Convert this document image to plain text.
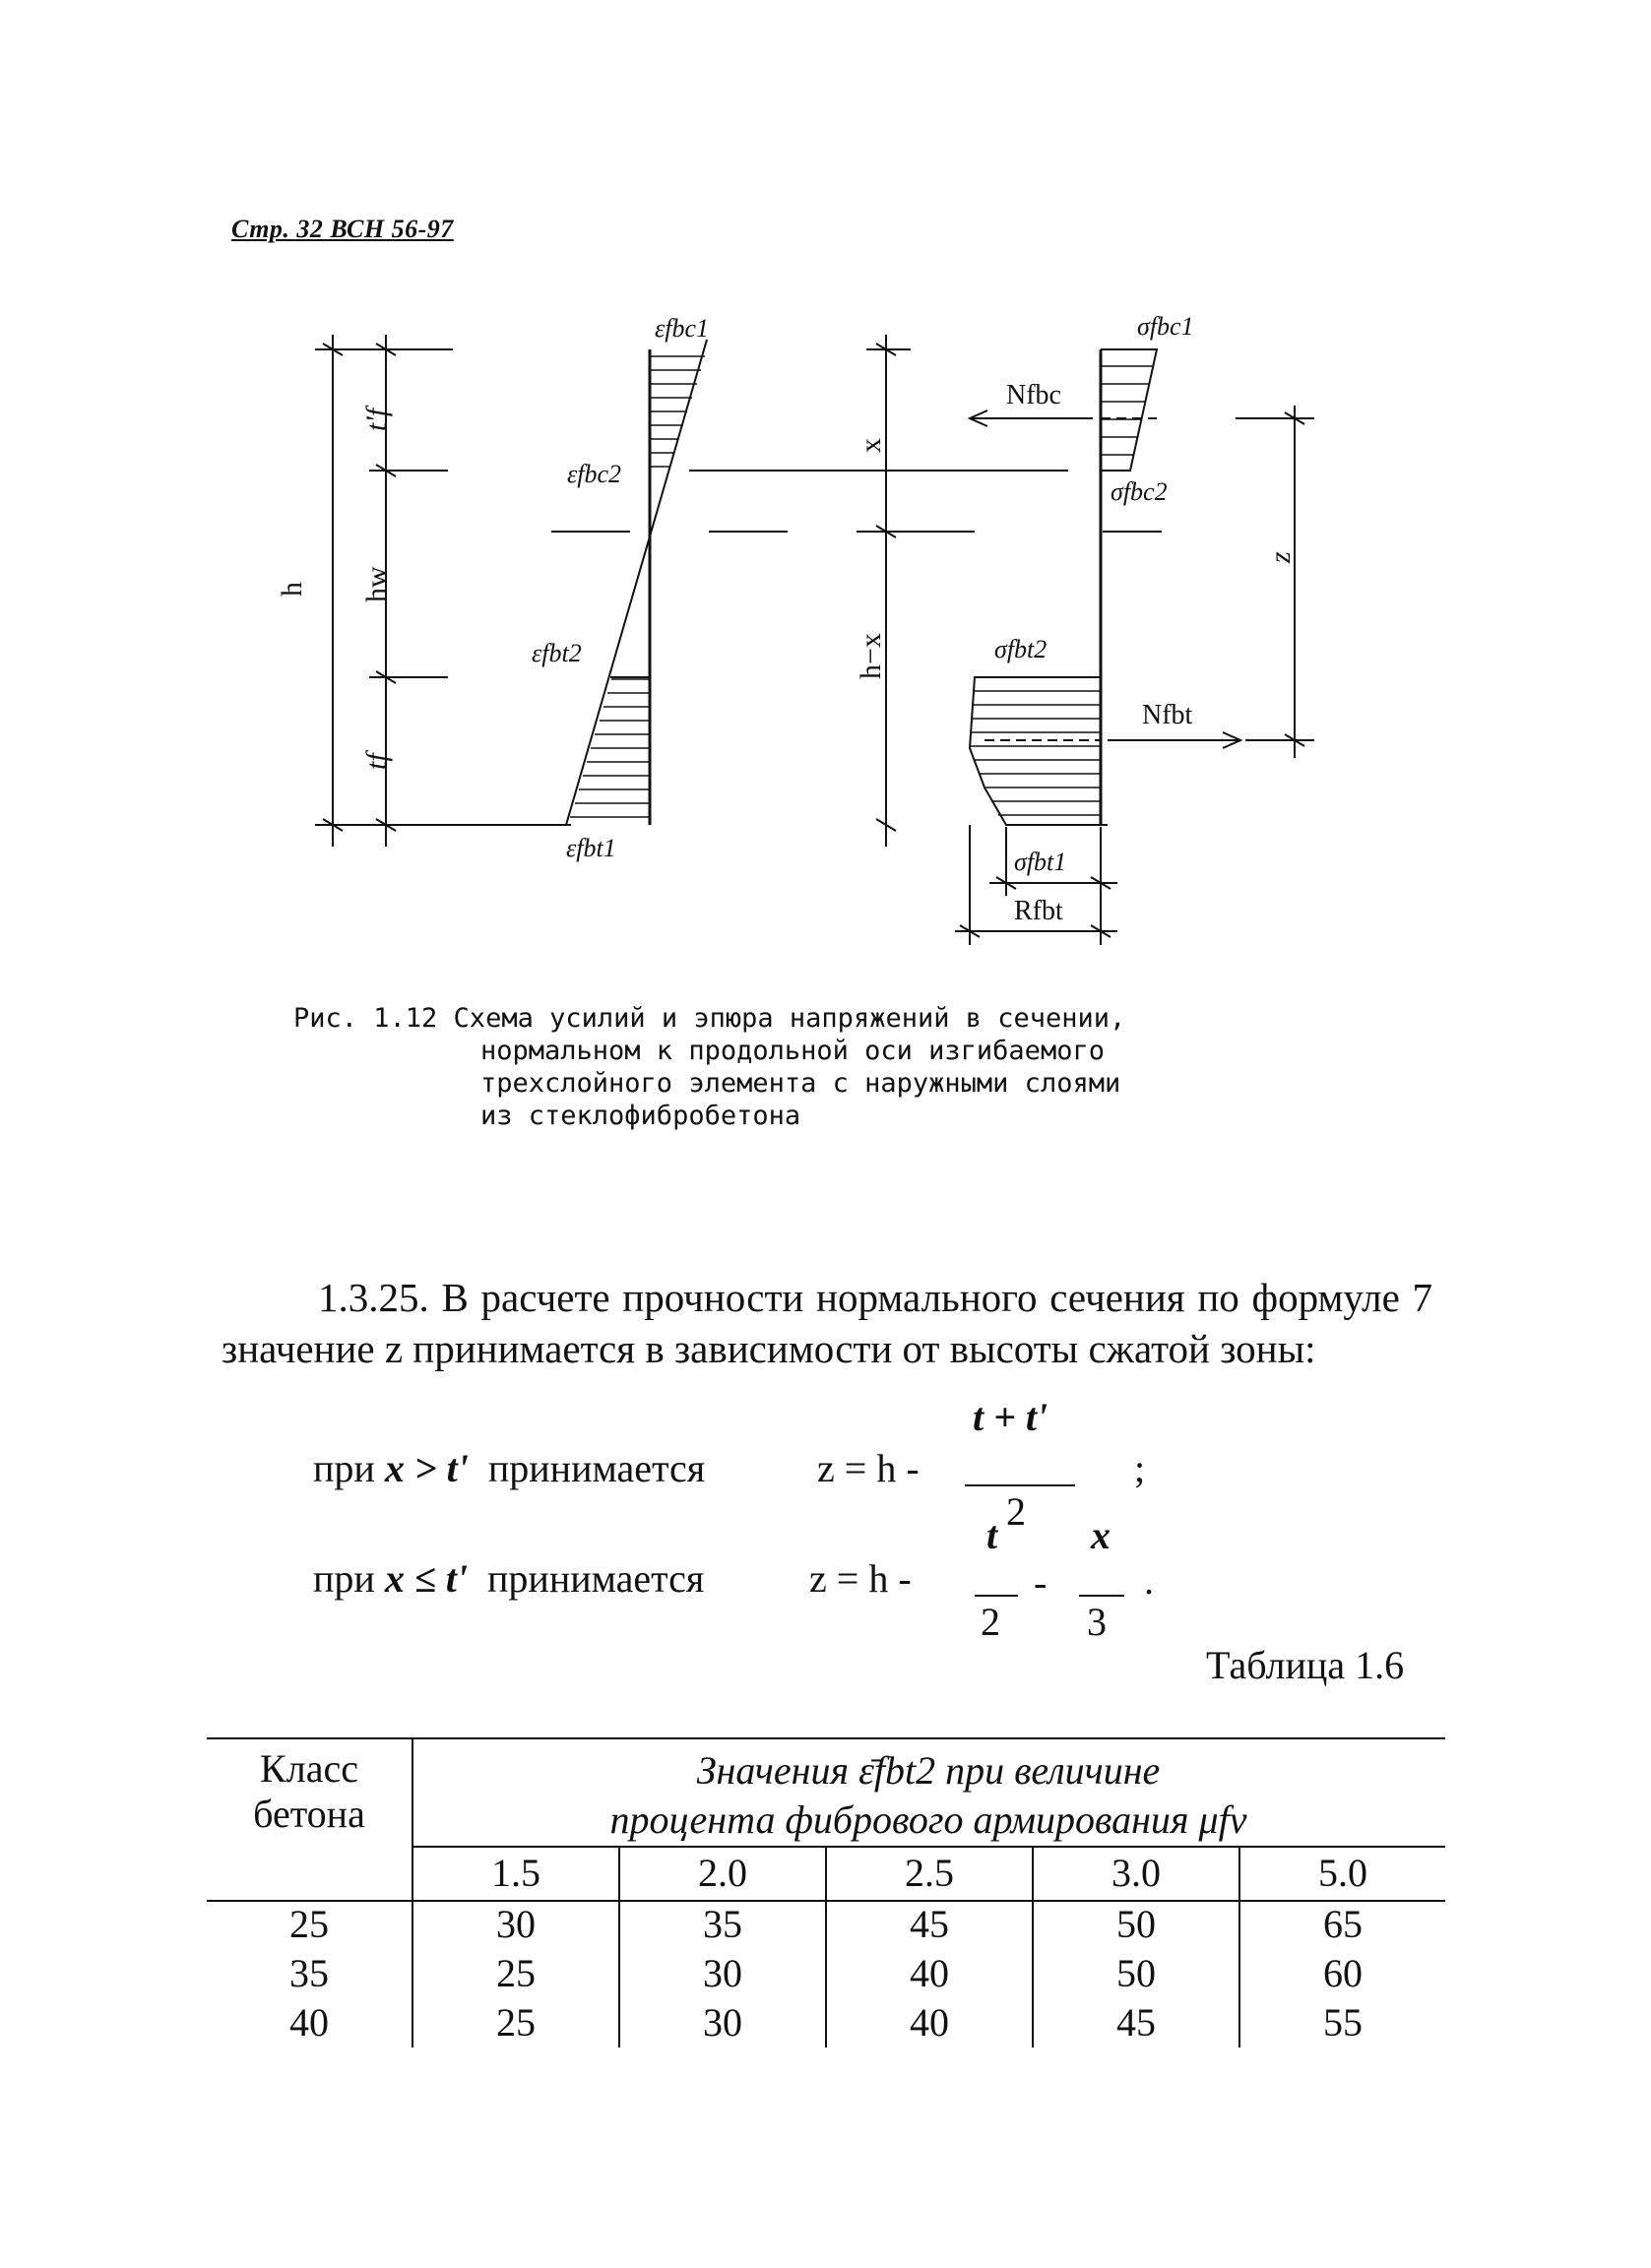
Стр. 32 ВСН 56-97
h
t'f
hw
tf
εfbc1
εfbc2
εfbt2
εfbt1
x
h−x
Nfbc
Nfbt
σfbc1
σfbc2
σfbt2
z
σfbt1
Rfbt
Рис. 1.12 Схема усилий и эпюра напряжений в сечении,
нормальном к продольной оси изгибаемого
трехслойного элемента с наружными слоями
из стеклофибробетона

1.3.25. В расчете прочности нормального сечения по формуле 7 значение z принимается в зависимости от высоты сжатой зоны:

при x > t' принимается	z = h -
t + t'
2
;
при x ≤ t' принимается	z = h -
t
2
-
x
3
.
Таблица 1.6
Класс
бетона
Значения ε̄fbt2 при величине
процента фибрового армирования μfv
1.5	2.0	2.5	3.0	5.0
25	30	35	45	50	65
35	25	30	40	50	60
40	25	30	40	45	55
